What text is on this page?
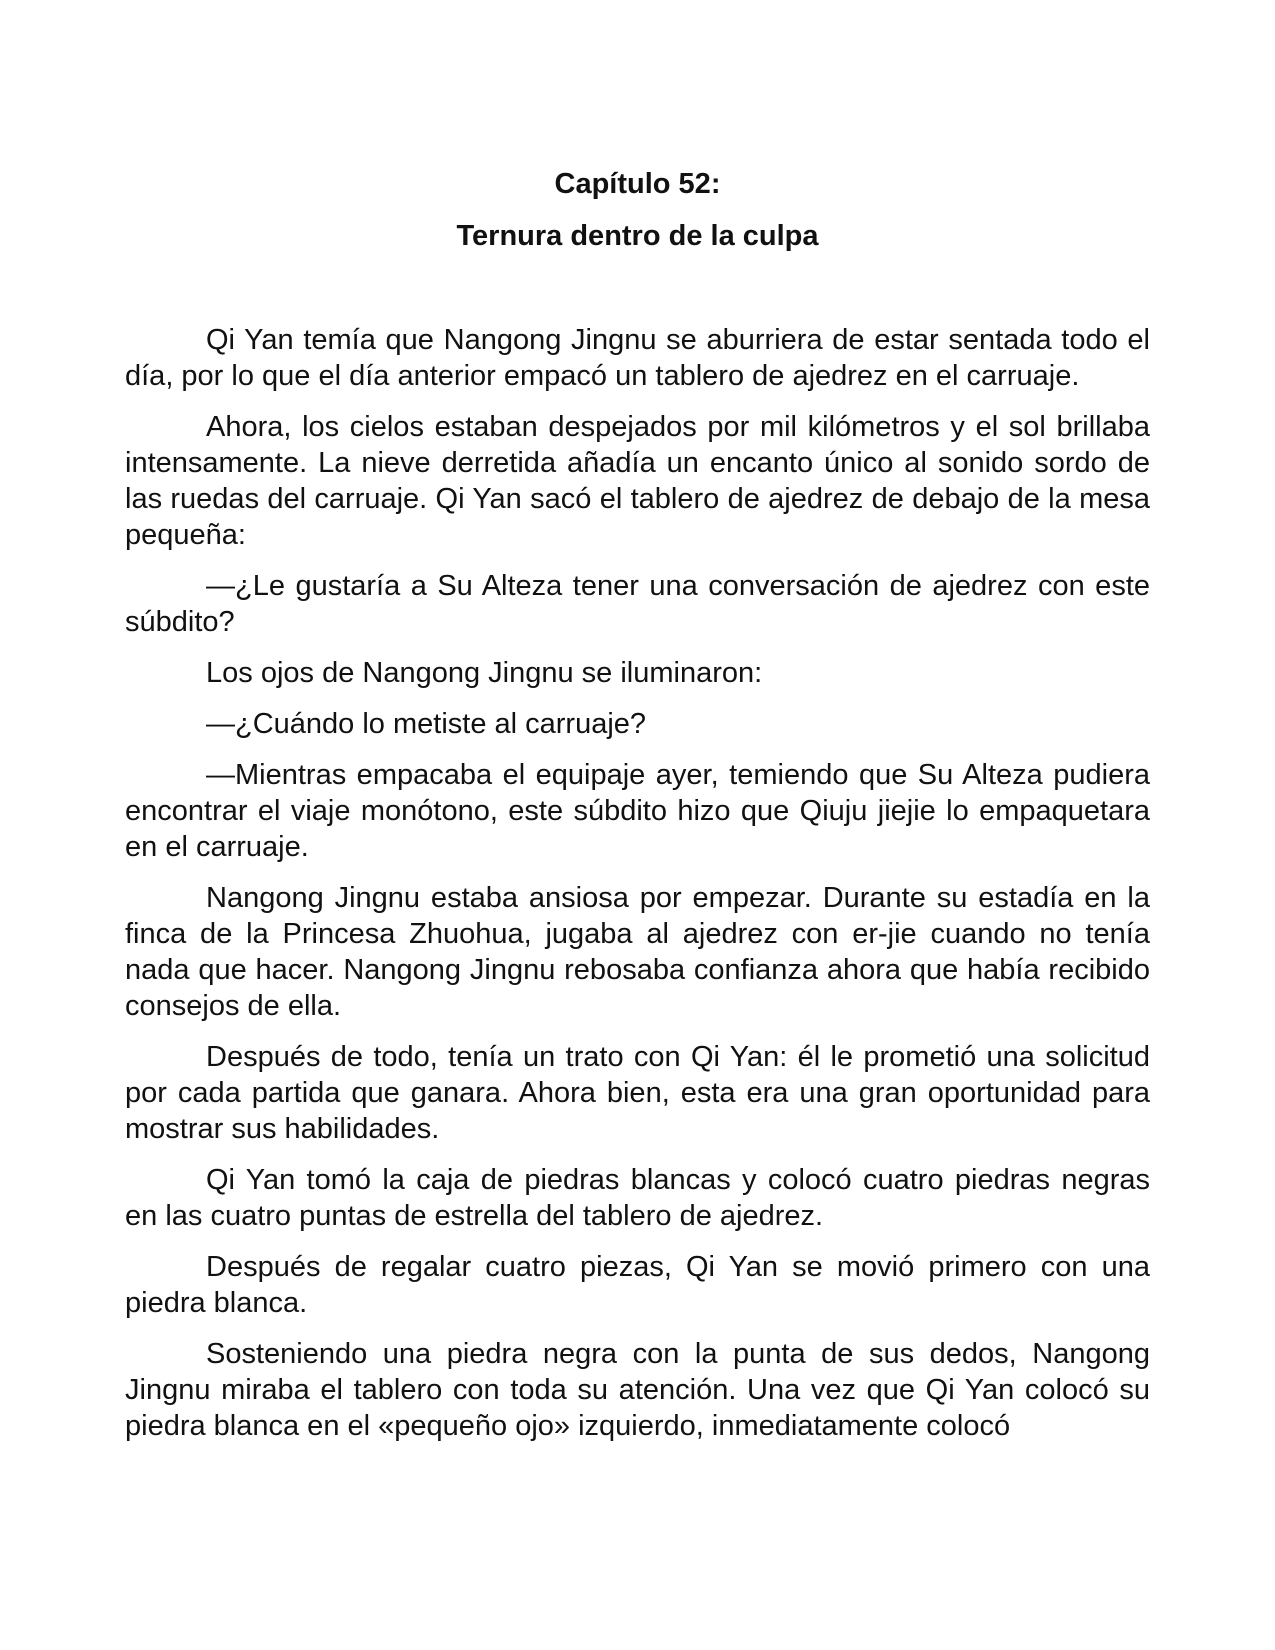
Capítulo 52:
Ternura dentro de la culpa

Qi Yan temía que Nangong Jingnu se aburriera de estar sentada todo el día, por lo que el día anterior empacó un tablero de ajedrez en el carruaje.

Ahora, los cielos estaban despejados por mil kilómetros y el sol brillaba intensamente. La nieve derretida añadía un encanto único al sonido sordo de las ruedas del carruaje. Qi Yan sacó el tablero de ajedrez de debajo de la mesa pequeña:

—¿Le gustaría a Su Alteza tener una conversación de ajedrez con este súbdito?

Los ojos de Nangong Jingnu se iluminaron:

—¿Cuándo lo metiste al carruaje?

—Mientras empacaba el equipaje ayer, temiendo que Su Alteza pudiera encontrar el viaje monótono, este súbdito hizo que Qiuju jiejie lo empaquetara en el carruaje.

Nangong Jingnu estaba ansiosa por empezar. Durante su estadía en la finca de la Princesa Zhuohua, jugaba al ajedrez con er-jie cuando no tenía nada que hacer. Nangong Jingnu rebosaba confianza ahora que había recibido consejos de ella.

Después de todo, tenía un trato con Qi Yan: él le prometió una solicitud por cada partida que ganara. Ahora bien, esta era una gran oportunidad para mostrar sus habilidades.

Qi Yan tomó la caja de piedras blancas y colocó cuatro piedras negras en las cuatro puntas de estrella del tablero de ajedrez.

Después de regalar cuatro piezas, Qi Yan se movió primero con una piedra blanca.

Sosteniendo una piedra negra con la punta de sus dedos, Nangong Jingnu miraba el tablero con toda su atención. Una vez que Qi Yan colocó su piedra blanca en el «pequeño ojo» izquierdo, inmediatamente colocó
